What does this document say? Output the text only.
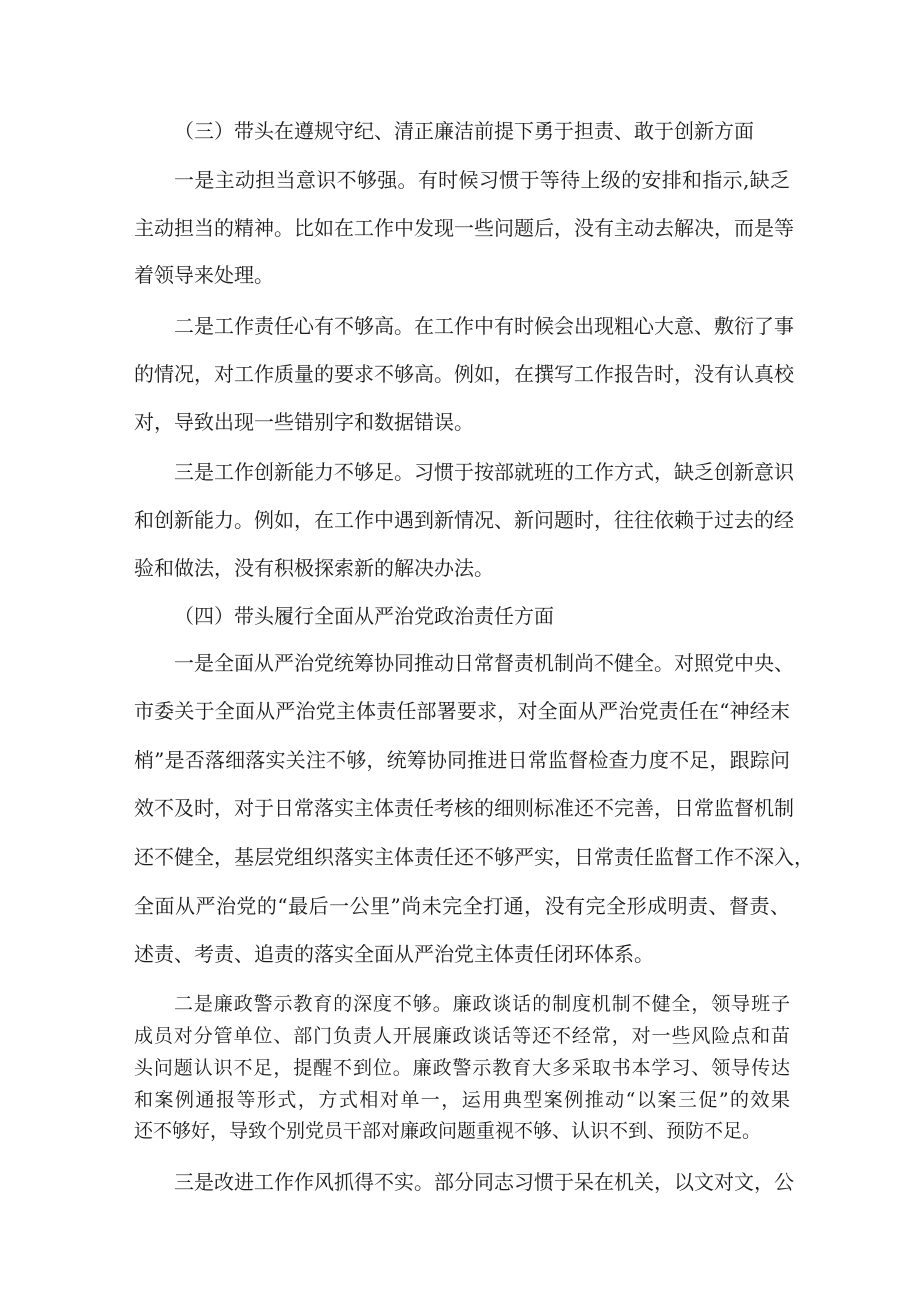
（三）带头在遵规守纪、清正廉洁前提下勇于担责、敢于创新方面

一是主动担当意识不够强。有时候习惯于等待上级的安排和指示,缺乏

主动担当的精神。比如在工作中发现一些问题后，没有主动去解决，而是等

着领导来处理。

二是工作责任心有不够高。在工作中有时候会出现粗心大意、敷衍了事

的情况，对工作质量的要求不够高。例如，在撰写工作报告时，没有认真校

对，导致出现一些错别字和数据错误。

三是工作创新能力不够足。习惯于按部就班的工作方式，缺乏创新意识

和创新能力。例如，在工作中遇到新情况、新问题时，往往依赖于过去的经

验和做法，没有积极探索新的解决办法。

（四）带头履行全面从严治党政治责任方面

一是全面从严治党统筹协同推动日常督责机制尚不健全。对照党中央、

市委关于全面从严治党主体责任部署要求，对全面从严治党责任在“神经末

梢”是否落细落实关注不够，统筹协同推进日常监督检查力度不足，跟踪问

效不及时，对于日常落实主体责任考核的细则标准还不完善，日常监督机制

还不健全，基层党组织落实主体责任还不够严实，日常责任监督工作不深入，

全面从严治党的“最后一公里”尚未完全打通，没有完全形成明责、督责、

述责、考责、追责的落实全面从严治党主体责任闭环体系。

二是廉政警示教育的深度不够。廉政谈话的制度机制不健全，领导班子

成员对分管单位、部门负责人开展廉政谈话等还不经常，对一些风险点和苗

头问题认识不足，提醒不到位。廉政警示教育大多采取书本学习、领导传达

和案例通报等形式，方式相对单一，运用典型案例推动“以案三促”的效果

还不够好，导致个别党员干部对廉政问题重视不够、认识不到、预防不足。

三是改进工作作风抓得不实。部分同志习惯于呆在机关，以文对文，公
